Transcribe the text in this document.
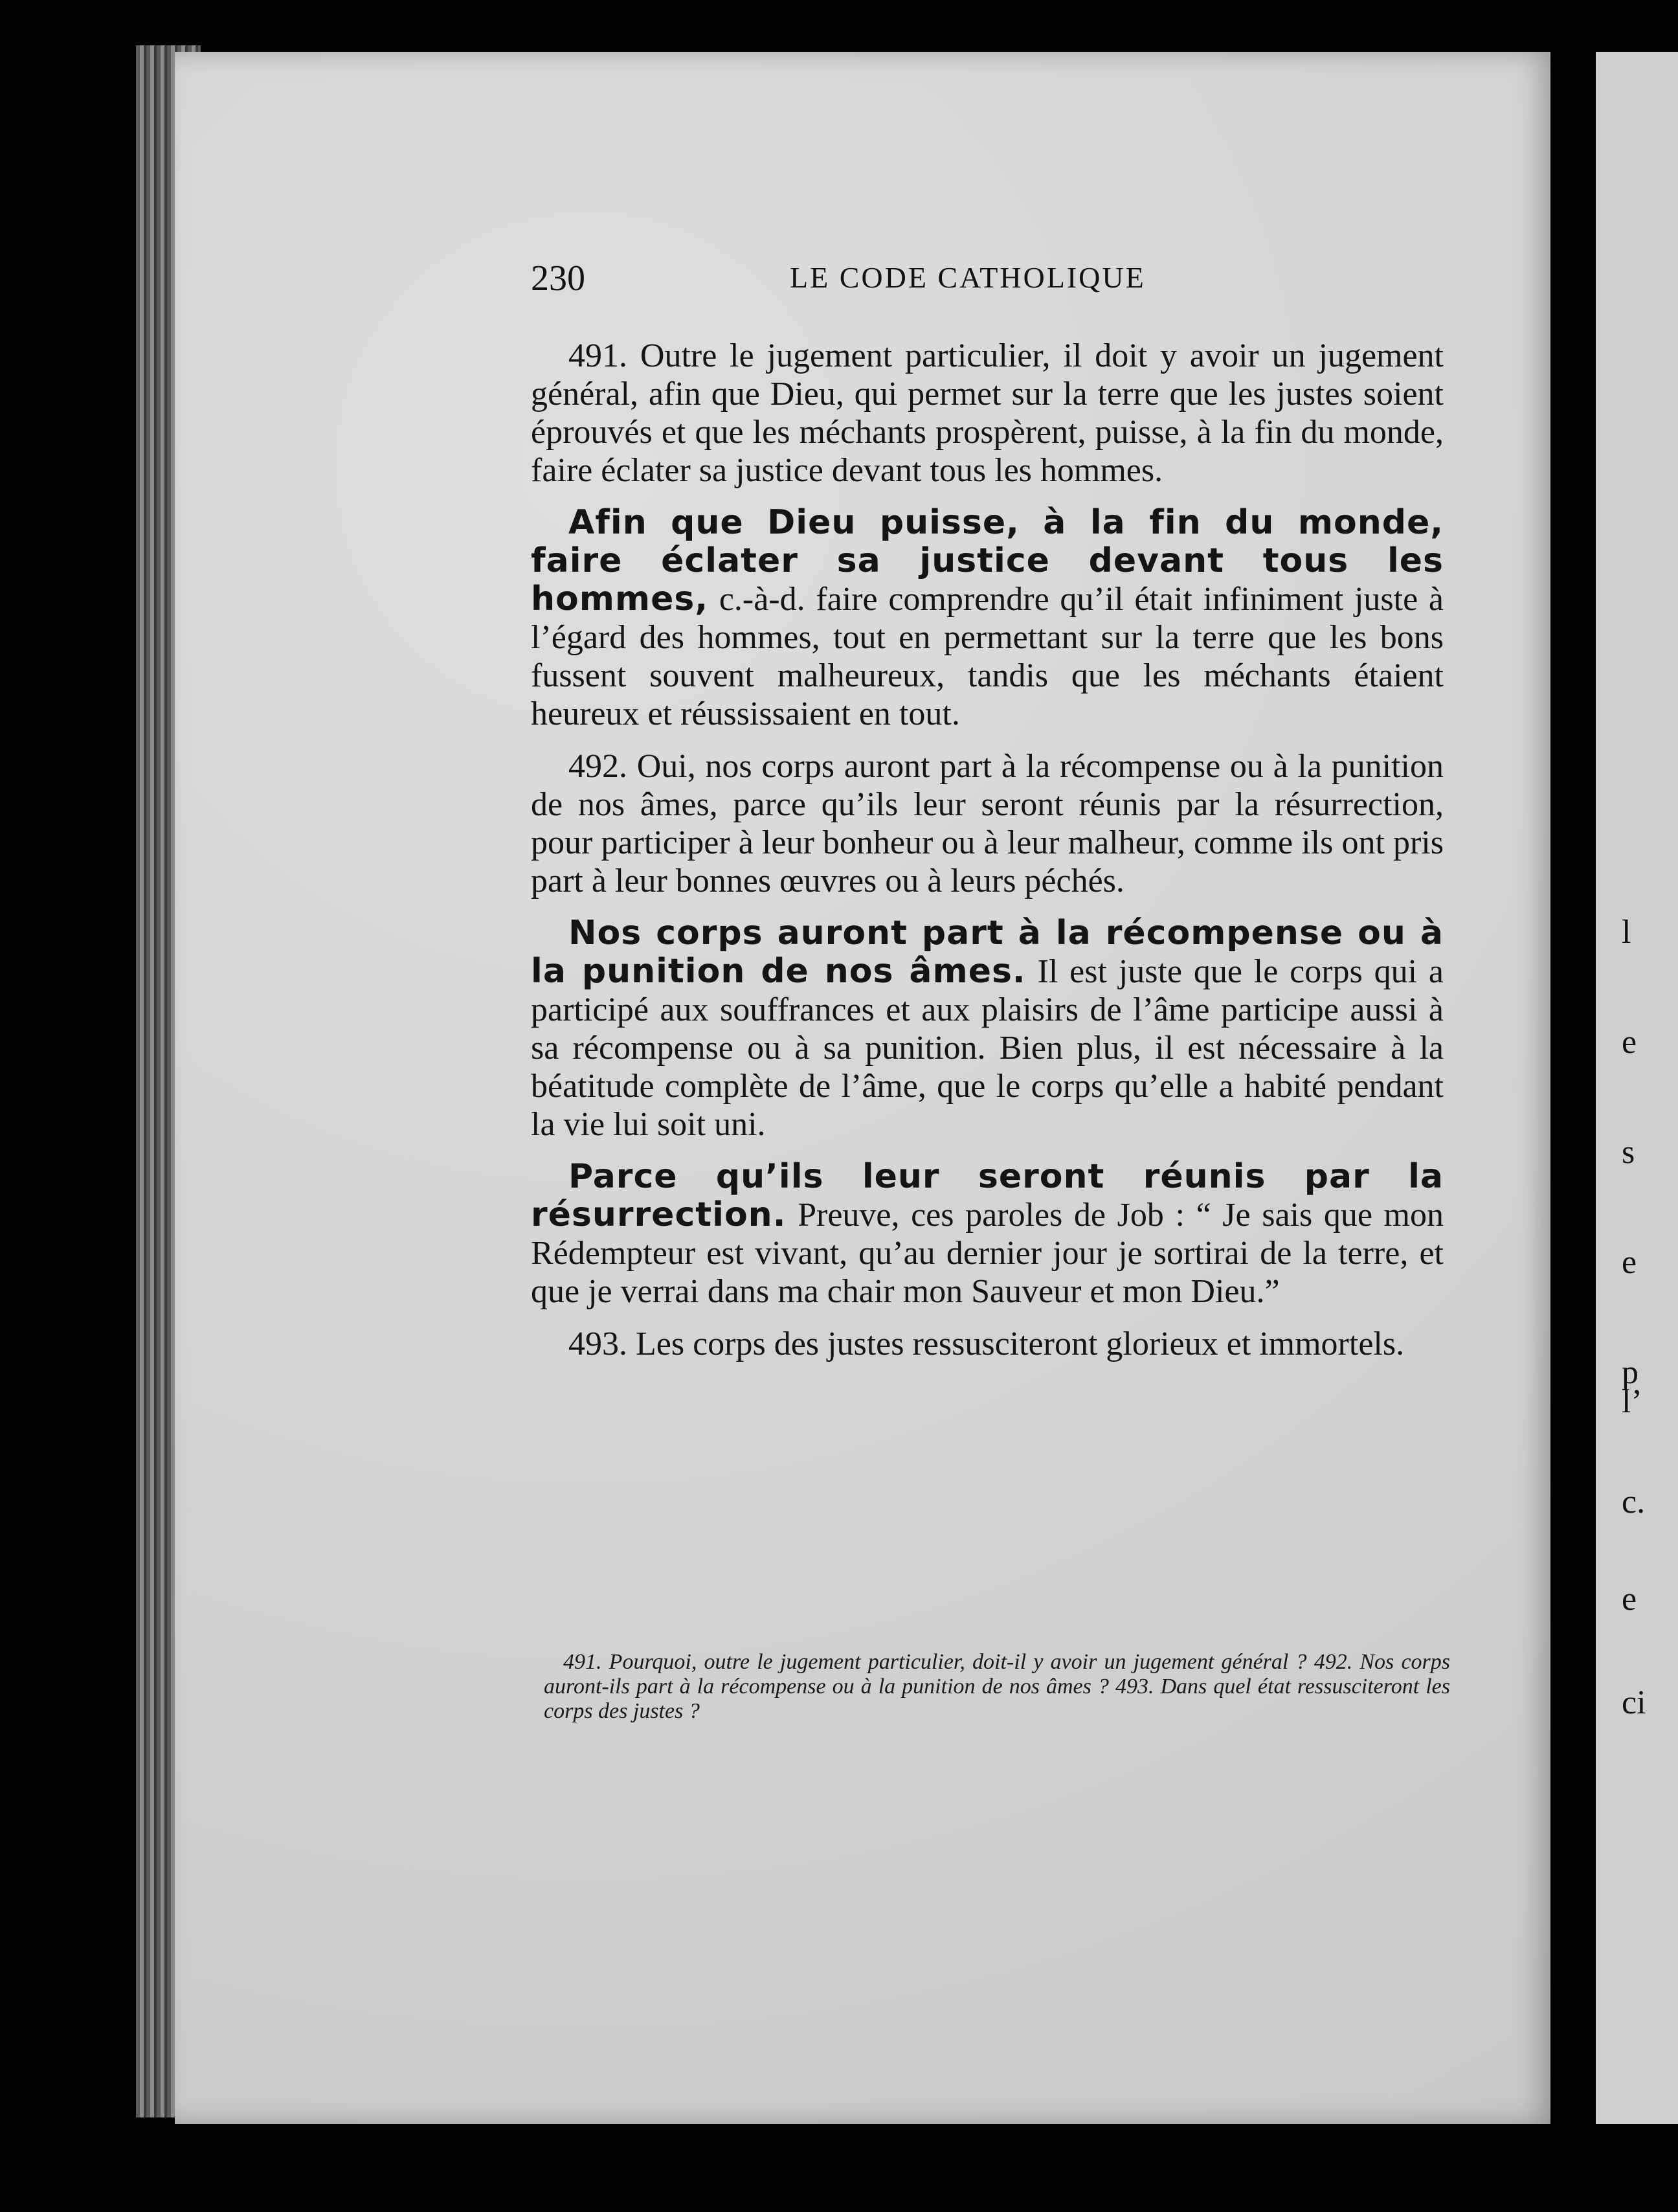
l
e
s
e
p
l’
c.
e
ci
230	LE CODE CATHOLIQUE

491. Outre le jugement particulier, il doit y avoir un jugement général, afin que Dieu, qui permet sur la terre que les justes soient éprouvés et que les méchants prospèrent, puisse, à la fin du monde, faire éclater sa justice devant tous les hommes.

Afin que Dieu puisse, à la fin du monde, faire éclater sa justice devant tous les hommes, c.-à-d. faire comprendre qu’il était infiniment juste à l’égard des hommes, tout en permettant sur la terre que les bons fussent souvent malheureux, tandis que les méchants étaient heureux et réussissaient en tout.

492. Oui, nos corps auront part à la récompense ou à la punition de nos âmes, parce qu’ils leur seront réunis par la résurrection, pour participer à leur bonheur ou à leur malheur, comme ils ont pris part à leur bonnes œuvres ou à leurs péchés.

Nos corps auront part à la récompense ou à la punition de nos âmes. Il est juste que le corps qui a participé aux souffrances et aux plaisirs de l’âme participe aussi à sa récompense ou à sa punition. Bien plus, il est nécessaire à la béatitude complète de l’âme, que le corps qu’elle a habité pendant la vie lui soit uni.

Parce qu’ils leur seront réunis par la résurrection. Preuve, ces paroles de Job : “ Je sais que mon Rédempteur est vivant, qu’au dernier jour je sortirai de la terre, et que je verrai dans ma chair mon Sauveur et mon Dieu.”

493. Les corps des justes ressusciteront glorieux et immortels.

491. Pourquoi, outre le jugement particulier, doit-il y avoir un jugement général ? 492. Nos corps auront-ils part à la récompense ou à la punition de nos âmes ? 493. Dans quel état ressusciteront les corps des justes ?
